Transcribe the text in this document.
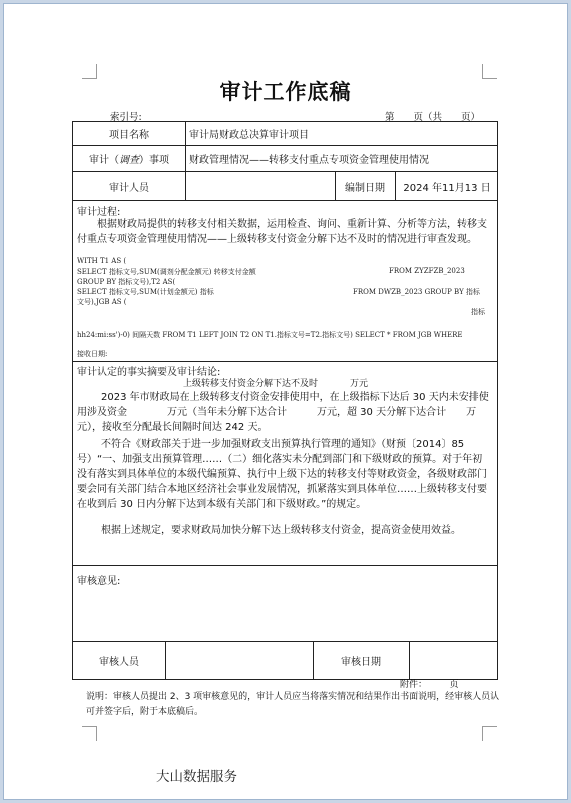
审计工作底稿
索引号:	第　　页（共　　页）
项目名称	审计局财政总决算审计项目
审计（ 调查 ）事项 财政管理情况——转移支付重点专项资金管理使用情况
审计人员	编制日期	2024 年11月13 日
审计过程:
根据财政局提供的转移支付相关数据，运用检查、询问、重新计算、分析等方法，转移支付重点专项资金管理使用情况——上级转移支付资金分解下达不及时的情况进行审查发现。
WITH T1 AS (
SELECT 指标文号,SUM(调剂分配金额元) 转移支付金额	FROM ZYZFZB_2023
GROUP BY 指标文号),T2 AS(
SELECT 指标文号,SUM(计划金额元) 指标	FROM DWZB_2023 GROUP BY 指标
文号),JGB AS (
指标
hh24:mi:ss')-0) 间隔天数 FROM T1 LEFT JOIN T2 ON T1.指标文号=T2.指标文号) SELECT * FROM JGB WHERE
接收日期:
审计认定的事实摘要及审计结论:
上级转移支付资金分解下达不及时	万元
2023 年市财政局在上级转移支付资金安排使用中，在上级指标下达后 30 天内未安排使用涉及资金　　　　万元（当年未分解下达合计　　　万元，超 30 天分解下达合计　　万元），接收至分配最长间隔时间达 242 天。
不符合《财政部关于进一步加强财政支出预算执行管理的通知》（财预〔2014〕85 号）“一、加强支出预算管理……（二）细化落实未分配到部门和下级财政的预算。对于年初没有落实到具体单位的本级代编预算、执行中上级下达的转移支付等财政资金，各级财政部门要会同有关部门结合本地区经济社会事业发展情况，抓紧落实到具体单位……上级转移支付要在收到后 30 日内分解下达到本级有关部门和下级财政。”的规定。
根据上述规定，要求财政局加快分解下达上级转移支付资金，提高资金使用效益。
审核意见:
审核人员	审核日期
附件：　　　页
说明：审核人员提出 2、3 项审核意见的，审计人员应当将落实情况和结果作出书面说明，经审核人员认可并签字后，附于本底稿后。
大山数据服务
